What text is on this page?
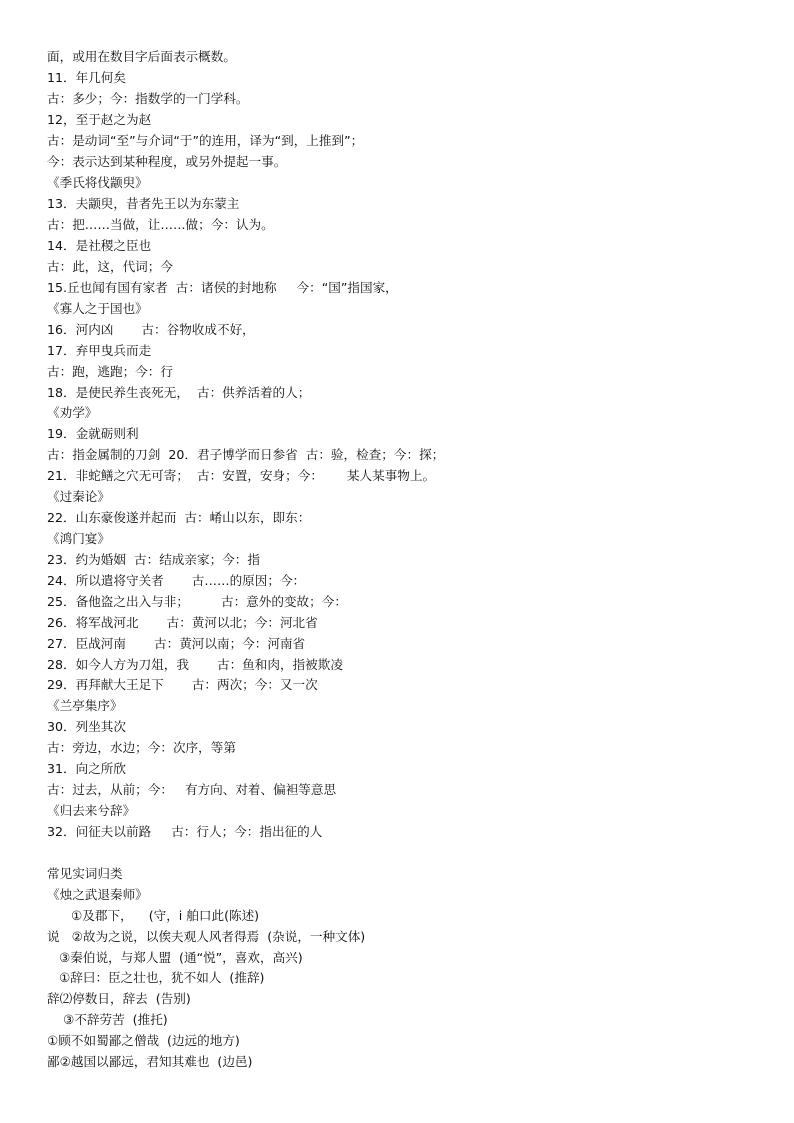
面，或用在数目字后面表示概数。
11．年几何矣
古：多少；今：指数学的一门学科。
12，至于赵之为赵
古：是动词“至”与介词“于”的连用，译为“到，上推到”；
今：表示达到某种程度，或另外提起一事。
《季氏将伐颛臾》
13．夫颛臾，昔者先王以为东蒙主
古：把……当做，让……做；今：认为。
14．是社稷之臣也
古：此，这，代词；今
15.丘也闻有国有家者  古：诸侯的封地称     今：“国”指国家，
《寡人之于国也》
16．河内凶       古：谷物收成不好，
17．弃甲曳兵而走
古：跑，逃跑；今：行
18．是使民养生丧死无，  古：供养活着的人；
《劝学》
19．金就砺则利
古：指金属制的刀剑  20．君子博学而日参省  古：验，检查；今：探；
21．非蛇鳝之穴无可寄；  古：安置，安身；今：      某人某事物上。
《过秦论》
22．山东豪俊遂并起而  古：崤山以东，即东：
《鸿门宴》
23．约为婚姻  古：结成亲家；今：指
24．所以遣将守关者       古……的原因；今：
25．备他盗之出入与非；        古：意外的变故；今：
26．将军战河北       古：黄河以北；今：河北省
27．臣战河南       古：黄河以南；今：河南省
28．如今人方为刀俎，我       古：鱼和肉，指被欺凌
29．再拜献大王足下       古：两次；今：又一次
《兰亭集序》
30．列坐其次
古：旁边，水边；今：次序，等第
31．向之所欣
古：过去，从前；今：   有方向、对着、偏袒等意思
《归去来兮辞》
32．问征夫以前路     古：行人；今：指出征的人
常见实词归类
《烛之武退秦师》
①及郡下，    (守，i 舶口此(陈述)
说   ②故为之说，以俟夫观人风者得焉  (杂说，一种文体)
③秦伯说，与郑人盟  (通“悦”，喜欢，高兴)
①辞曰：臣之壮也，犹不如人  (推辞)
辞⑵停数日，辞去  (告别)
③不辞劳苦  (推托)
①顾不如蜀鄙之僧哉  (边远的地方)
鄙②越国以鄙远，君知其难也  (边邑)
